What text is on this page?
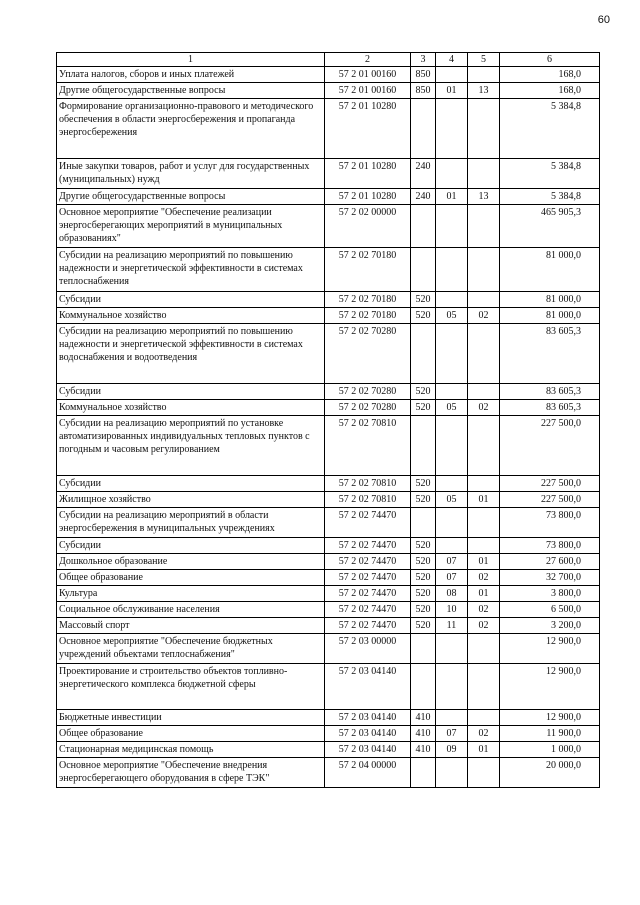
60
1	2	3	4	5	6
Уплата налогов, сборов и иных платежей	57 2 01 00160	850			168,0
Другие общегосударственные вопросы	57 2 01 00160	850	01	13	168,0
Формирование организационно-правового и методического обеспечения в области энергосбережения и пропаганда энергосбережения	57 2 01 10280				5 384,8
Иные закупки товаров, работ и услуг для государственных (муниципальных) нужд	57 2 01 10280	240			5 384,8
Другие общегосударственные вопросы	57 2 01 10280	240	01	13	5 384,8
Основное мероприятие "Обеспечение реализации энергосберегающих мероприятий в муниципальных образованиях"	57 2 02 00000				465 905,3
Субсидии на реализацию мероприятий по повышению надежности и энергетической эффективности в системах теплоснабжения	57 2 02 70180				81 000,0
Субсидии	57 2 02 70180	520			81 000,0
Коммунальное хозяйство	57 2 02 70180	520	05	02	81 000,0
Субсидии на реализацию мероприятий по повышению надежности и энергетической эффективности в системах водоснабжения и водоотведения	57 2 02 70280				83 605,3
Субсидии	57 2 02 70280	520			83 605,3
Коммунальное хозяйство	57 2 02 70280	520	05	02	83 605,3
Субсидии на реализацию мероприятий по установке автоматизированных индивидуальных тепловых пунктов с погодным и часовым регулированием	57 2 02 70810				227 500,0
Субсидии	57 2 02 70810	520			227 500,0
Жилищное хозяйство	57 2 02 70810	520	05	01	227 500,0
Субсидии на реализацию мероприятий в области энергосбережения в муниципальных учреждениях	57 2 02 74470				73 800,0
Субсидии	57 2 02 74470	520			73 800,0
Дошкольное образование	57 2 02 74470	520	07	01	27 600,0
Общее образование	57 2 02 74470	520	07	02	32 700,0
Культура	57 2 02 74470	520	08	01	3 800,0
Социальное обслуживание населения	57 2 02 74470	520	10	02	6 500,0
Массовый спорт	57 2 02 74470	520	11	02	3 200,0
Основное мероприятие "Обеспечение бюджетных учреждений объектами теплоснабжения"	57 2 03 00000				12 900,0
Проектирование и строительство объектов топливно-энергетического комплекса бюджетной сферы	57 2 03 04140				12 900,0
Бюджетные инвестиции	57 2 03 04140	410			12 900,0
Общее образование	57 2 03 04140	410	07	02	11 900,0
Стационарная медицинская помощь	57 2 03 04140	410	09	01	1 000,0
Основное мероприятие "Обеспечение внедрения энергосберегающего оборудования в сфере ТЭК"	57 2 04 00000				20 000,0
